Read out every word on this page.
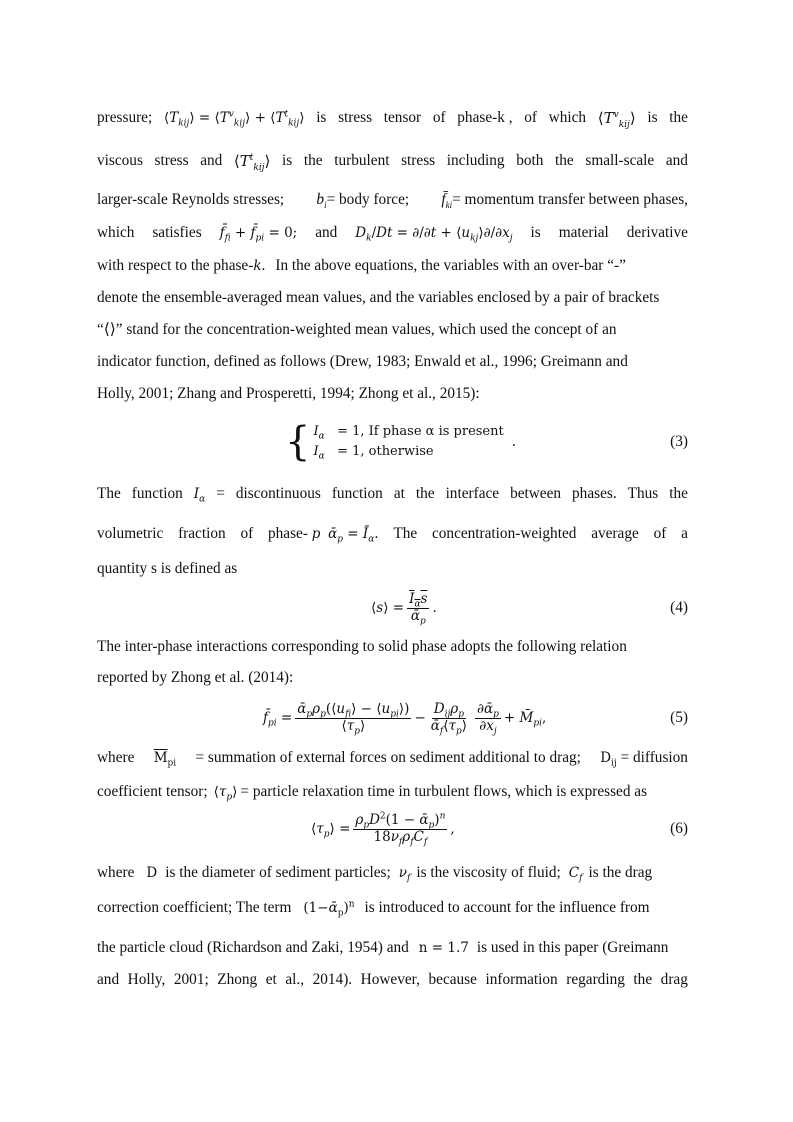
pressure; $⟨T_{kij}⟩$ = $⟨T^v_{kij}⟩$ + $⟨T^t_{kij}⟩$ is stress tensor of phase-k , of which $⟨T^v_{kij}⟩$ is the
viscous stress and $⟨T^t_{kij}⟩$ is the turbulent stress including both the small-scale and
larger-scale Reynolds stresses; $b_i=$ body force; $f̄_{ki}=$ momentum transfer between phases,
which satisfies $f̄_{fi}$ + $f̄_{pi} = 0$; and $D_k/Dt = \partial/\partial t$ + $⟨u_{kj}⟩\partial/\partial x_j$ is material derivative
with respect to the phase- k . In the above equations, the variables with an over-bar “-”
denote the ensemble-averaged mean values, and the variables enclosed by a pair of brackets
“⟨⟩” stand for the concentration-weighted mean values, which used the concept of an
indicator function, defined as follows (Drew, 1983; Enwald et al., 1996; Greimann and
Holly, 2001; Zhang and Prosperetti, 1994; Zhong et al., 2015):
{ $I_\alpha = 1$, If phase α is present
$I_\alpha = 1$, otherwise
.	(3)
The function $I_\alpha$ = discontinuous function at the interface between phases. Thus the
volumetric fraction of phase- p ᾱ$_p$ = $Ī_\alpha$. The concentration-weighted average of a
quantity s is defined as
⟨s⟩ = $\frac{I_\alpha s}{ᾱ_p}$ .	(4)
The inter-phase interactions corresponding to solid phase adopts the following relation
reported by Zhong et al. (2014):
$f̄_{pi} = \frac{ᾱ_p\rho_p(⟨u_{fi}⟩ - ⟨u_{pi}⟩)}{⟨\tau_p⟩} - \frac{D_{ij}\rho_p}{ᾱ_f⟨\tau_p⟩} \frac{\partial ᾱ_p}{\partial x_j}$ + $M̄_{pi}$,	(5)
where $\overline{M}_{pi}$ = summation of external forces on sediment additional to drag; $D_{ij}$ = diffusion
coefficient tensor; $⟨\tau_p⟩$ = particle relaxation time in turbulent flows, which is expressed as
$⟨\tau_p⟩ = \frac{\rho_pD^2(1 - ᾱ_p)^n}{18\nu_f\rho_fC_f}$ ,	(6)
where D is the diameter of sediment particles; $\nu_f$ is the viscosity of fluid; $C_f$ is the drag
correction coefficient; The term (1−ᾱ$_p$)$^n$ is introduced to account for the influence from
the particle cloud (Richardson and Zaki, 1954) and n = 1.7 is used in this paper (Greimann
and Holly, 2001; Zhong et al., 2014). However, because information regarding the drag
